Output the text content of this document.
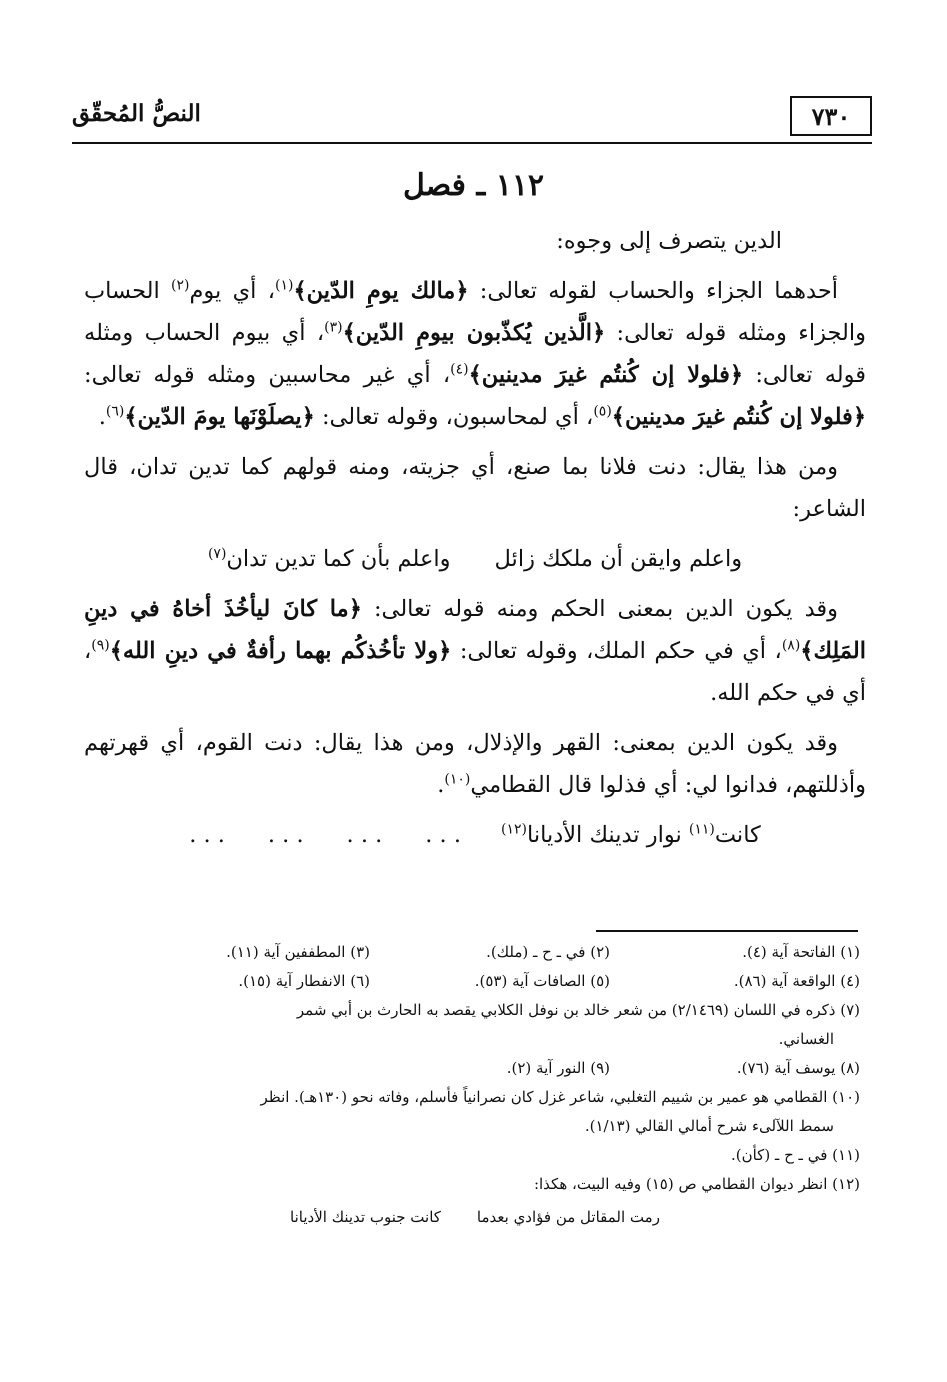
٧٣٠
النصُّ المُحقّق
١١٢ ـ فصل

الدين يتصرف إلى وجوه:

أحدهما الجزاء والحساب لقوله تعالى: ﴿مالك يومِ الدّين﴾$^{(١)}$، أي يوم$^{(٢)}$ الحساب والجزاء ومثله قوله تعالى: ﴿الَّذين يُكذّبون بيومِ الدّين﴾$^{(٣)}$، أي بيوم الحساب ومثله قوله تعالى: ﴿فلولا إن كُنتُم غيرَ مدينين﴾$^{(٤)}$، أي غير محاسبين ومثله قوله تعالى: ﴿فلولا إن كُنتُم غيرَ مدينين﴾$^{(٥)}$، أي لمحاسبون، وقوله تعالى: ﴿يصلَوْنَها يومَ الدّين﴾$^{(٦)}$.

ومن هذا يقال: دنت فلانا بما صنع، أي جزيته، ومنه قولهم كما تدين تدان، قال الشاعر:

واعلم وايقن أن ملكك زائلواعلم بأن كما تدين تدان(٧)

وقد يكون الدين بمعنى الحكم ومنه قوله تعالى: ﴿ما كانَ ليأخُذَ أخاهُ في دينِ المَلِك﴾$^{(٨)}$، أي في حكم الملك، وقوله تعالى: ﴿ولا تأخُذكُم بهما رأفةٌ في دينِ الله﴾$^{(٩)}$، أي في حكم الله.

وقد يكون الدين بمعنى: القهر والإذلال، ومن هذا يقال: دنت القوم، أي قهرتهم وأذللتهم، فدانوا لي: أي فذلوا قال القطامي$^{(١٠)}$.

كانت$^{(١١)}$ نوار تدينك الأديانا$^{(١٢)}$. . .      . . .      . . .      . . .
(١) الفاتحة آية (٤).
(٢) في ـ ح ـ (ملك).
(٣) المطففين آية (١١).
(٤) الواقعة آية (٨٦).
(٥) الصافات آية (٥٣).
(٦) الانفطار آية (١٥).
(٧) ذكره في اللسان (٢/١٤٦٩) من شعر خالد بن نوفل الكلابي يقصد به الحارث بن أبي شمر
الغساني.
(٨) يوسف آية (٧٦).
(٩) النور آية (٢).
(١٠) القطامي هو عمير بن شييم التغلبي، شاعر غزل كان نصرانياً فأسلم، وفاته نحو (١٣٠هـ). انظر
سمط اللآلىء شرح أمالي القالي (١/١٣).
(١١) في ـ ح ـ (كأن).
(١٢) انظر ديوان القطامي ص (١٥) وفيه البيت، هكذا:
رمت المقاتل من فؤادي بعدماكانت جنوب تدينك الأديانا
